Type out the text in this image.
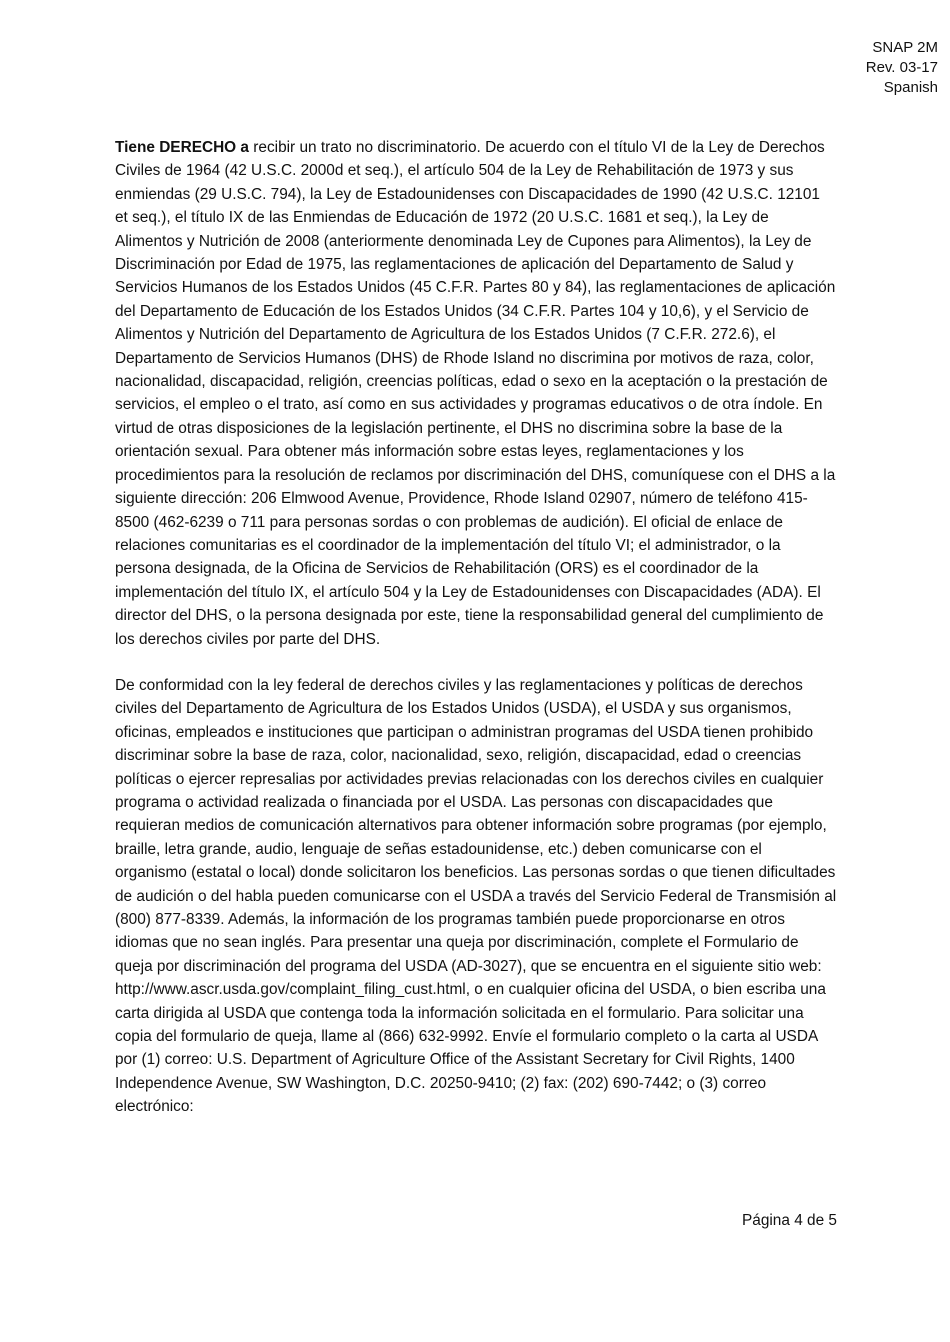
SNAP 2M
Rev. 03-17
Spanish

Tiene DERECHO a recibir un trato no discriminatorio. De acuerdo con el título VI de la Ley de Derechos Civiles de 1964 (42 U.S.C. 2000d et seq.), el artículo 504 de la Ley de Rehabilitación de 1973 y sus enmiendas (29 U.S.C. 794), la Ley de Estadounidenses con Discapacidades de 1990 (42 U.S.C. 12101 et seq.), el título IX de las Enmiendas de Educación de 1972 (20 U.S.C. 1681 et seq.), la Ley de Alimentos y Nutrición de 2008 (anteriormente denominada Ley de Cupones para Alimentos), la Ley de Discriminación por Edad de 1975, las reglamentaciones de aplicación del Departamento de Salud y Servicios Humanos de los Estados Unidos (45 C.F.R. Partes 80 y 84), las reglamentaciones de aplicación del Departamento de Educación de los Estados Unidos (34 C.F.R. Partes 104 y 10,6), y el Servicio de Alimentos y Nutrición del Departamento de Agricultura de los Estados Unidos (7 C.F.R. 272.6), el Departamento de Servicios Humanos (DHS) de Rhode Island no discrimina por motivos de raza, color, nacionalidad, discapacidad, religión, creencias políticas, edad o sexo en la aceptación o la prestación de servicios, el empleo o el trato, así como en sus actividades y programas educativos o de otra índole. En virtud de otras disposiciones de la legislación pertinente, el DHS no discrimina sobre la base de la orientación sexual. Para obtener más información sobre estas leyes, reglamentaciones y los procedimientos para la resolución de reclamos por discriminación del DHS, comuníquese con el DHS a la siguiente dirección: 206 Elmwood Avenue, Providence, Rhode Island 02907, número de teléfono 415-8500 (462-6239 o 711 para personas sordas o con problemas de audición). El oficial de enlace de relaciones comunitarias es el coordinador de la implementación del título VI; el administrador, o la persona designada, de la Oficina de Servicios de Rehabilitación (ORS) es el coordinador de la implementación del título IX, el artículo 504 y la Ley de Estadounidenses con Discapacidades (ADA). El director del DHS, o la persona designada por este, tiene la responsabilidad general del cumplimiento de los derechos civiles por parte del DHS.

De conformidad con la ley federal de derechos civiles y las reglamentaciones y políticas de derechos civiles del Departamento de Agricultura de los Estados Unidos (USDA), el USDA y sus organismos, oficinas, empleados e instituciones que participan o administran programas del USDA tienen prohibido discriminar sobre la base de raza, color, nacionalidad, sexo, religión, discapacidad, edad o creencias políticas o ejercer represalias por actividades previas relacionadas con los derechos civiles en cualquier programa o actividad realizada o financiada por el USDA. Las personas con discapacidades que requieran medios de comunicación alternativos para obtener información sobre programas (por ejemplo, braille, letra grande, audio, lenguaje de señas estadounidense, etc.) deben comunicarse con el organismo (estatal o local) donde solicitaron los beneficios. Las personas sordas o que tienen dificultades de audición o del habla pueden comunicarse con el USDA a través del Servicio Federal de Transmisión al (800) 877-8339. Además, la información de los programas también puede proporcionarse en otros idiomas que no sean inglés. Para presentar una queja por discriminación, complete el Formulario de queja por discriminación del programa del USDA (AD-3027), que se encuentra en el siguiente sitio web: http://www.ascr.usda.gov/complaint_filing_cust.html, o en cualquier oficina del USDA, o bien escriba una carta dirigida al USDA que contenga toda la información solicitada en el formulario. Para solicitar una copia del formulario de queja, llame al (866) 632-9992. Envíe el formulario completo o la carta al USDA por (1) correo: U.S. Department of Agriculture Office of the Assistant Secretary for Civil Rights, 1400 Independence Avenue, SW Washington, D.C. 20250-9410; (2) fax: (202) 690-7442; o (3) correo electrónico:

Página 4 de 5
